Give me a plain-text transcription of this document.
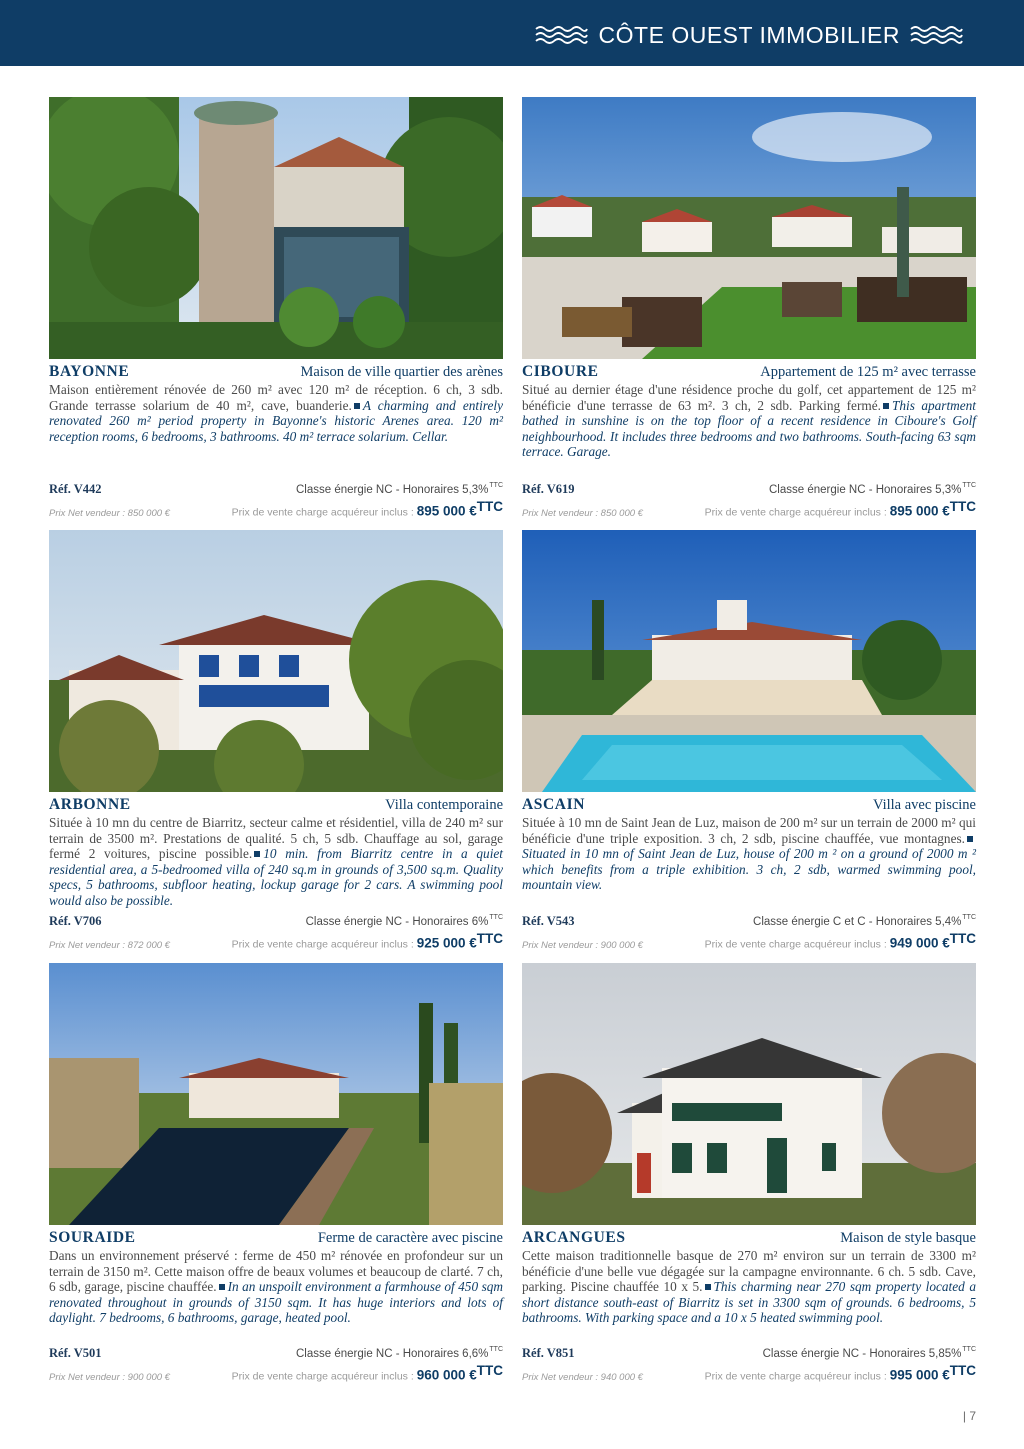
CÔTE OUEST IMMOBILIER
BAYONNE	Maison de ville quartier des arènes

Maison entièrement rénovée de 260 m² avec 120 m² de réception. 6 ch, 3 sdb. Grande terrasse solarium de 40 m², cave, buanderie. A charming and entirely renovated 260 m² period property in Bayonne's historic Arenes area. 120 m² reception rooms, 6 bedrooms, 3 bathrooms. 40 m² terrace solarium. Cellar.

Réf. V442	Classe énergie NC - Honoraires 5,3%$^{TTC}$
Prix Net vendeur : 850 000 €	Prix de vente charge acquéreur inclus : 895 000 €$^{TTC}$
CIBOURE	Appartement de 125 m² avec terrasse

Situé au dernier étage d'une résidence proche du golf, cet appartement de 125 m² bénéficie d'une terrasse de 63 m². 3 ch, 2 sdb. Parking fermé. This apartment bathed in sunshine is on the top floor of a recent residence in Ciboure's Golf neighbourhood. It includes three bedrooms and two bathrooms. South-facing 63 sqm terrace. Garage.

Réf. V619	Classe énergie NC - Honoraires 5,3%$^{TTC}$
Prix Net vendeur : 850 000 €	Prix de vente charge acquéreur inclus : 895 000 €$^{TTC}$
ARBONNE	Villa contemporaine

Située à 10 mn du centre de Biarritz, secteur calme et résidentiel, villa de 240 m² sur terrain de 3500 m². Prestations de qualité. 5 ch, 5 sdb. Chauffage au sol, garage fermé 2 voitures, piscine possible. 10 min. from Biarritz centre in a quiet residential area, a 5-bedroomed villa of 240 sq.m in grounds of 3,500 sq.m. Quality specs, 5 bathrooms, subfloor heating, lockup garage for 2 cars. A swimming pool would also be possible.

Réf. V706	Classe énergie NC - Honoraires 6%$^{TTC}$
Prix Net vendeur : 872 000 €	Prix de vente charge acquéreur inclus : 925 000 €$^{TTC}$
ASCAIN	Villa avec piscine

Située à 10 mn de Saint Jean de Luz, maison de 200 m² sur un terrain de 2000 m² qui bénéficie d'une triple exposition. 3 ch, 2 sdb, piscine chauffée, vue montagnes.Situated in 10 mn of Saint Jean de Luz, house of 200 m ² on a ground of 2000 m ² which benefits from a triple exhibition. 3 ch, 2 sdb, warmed swimming pool, mountain view.

Réf. V543	Classe énergie C et C - Honoraires 5,4%$^{TTC}$
Prix Net vendeur : 900 000 €	Prix de vente charge acquéreur inclus : 949 000 €$^{TTC}$
SOURAIDE	Ferme de caractère avec piscine

Dans un environnement préservé : ferme de 450 m² rénovée en profondeur sur un terrain de 3150 m². Cette maison offre de beaux volumes et beaucoup de clarté. 7 ch, 6 sdb, garage, piscine chauffée. In an unspoilt environment a farmhouse of 450 sqm renovated throughout in grounds of 3150 sqm. It has huge interiors and lots of daylight. 7 bedrooms, 6 bathrooms, garage, heated pool.

Réf. V501	Classe énergie NC - Honoraires 6,6%$^{TTC}$
Prix Net vendeur : 900 000 €	Prix de vente charge acquéreur inclus : 960 000 €$^{TTC}$
ARCANGUES	Maison de style basque

Cette maison traditionnelle basque de 270 m² environ sur un terrain de 3300 m² bénéficie d'une belle vue dégagée sur la campagne environnante. 6 ch. 5 sdb. Cave, parking. Piscine chauffée 10 x 5. This charming near 270 sqm property located a short distance south-east of Biarritz is set in 3300 sqm of grounds. 6 bedrooms, 5 bathrooms. With parking space and a 10 x 5 heated swimming pool.

Réf. V851	Classe énergie NC - Honoraires 5,85%$^{TTC}$
Prix Net vendeur : 940 000 €	Prix de vente charge acquéreur inclus : 995 000 €$^{TTC}$
| 7
